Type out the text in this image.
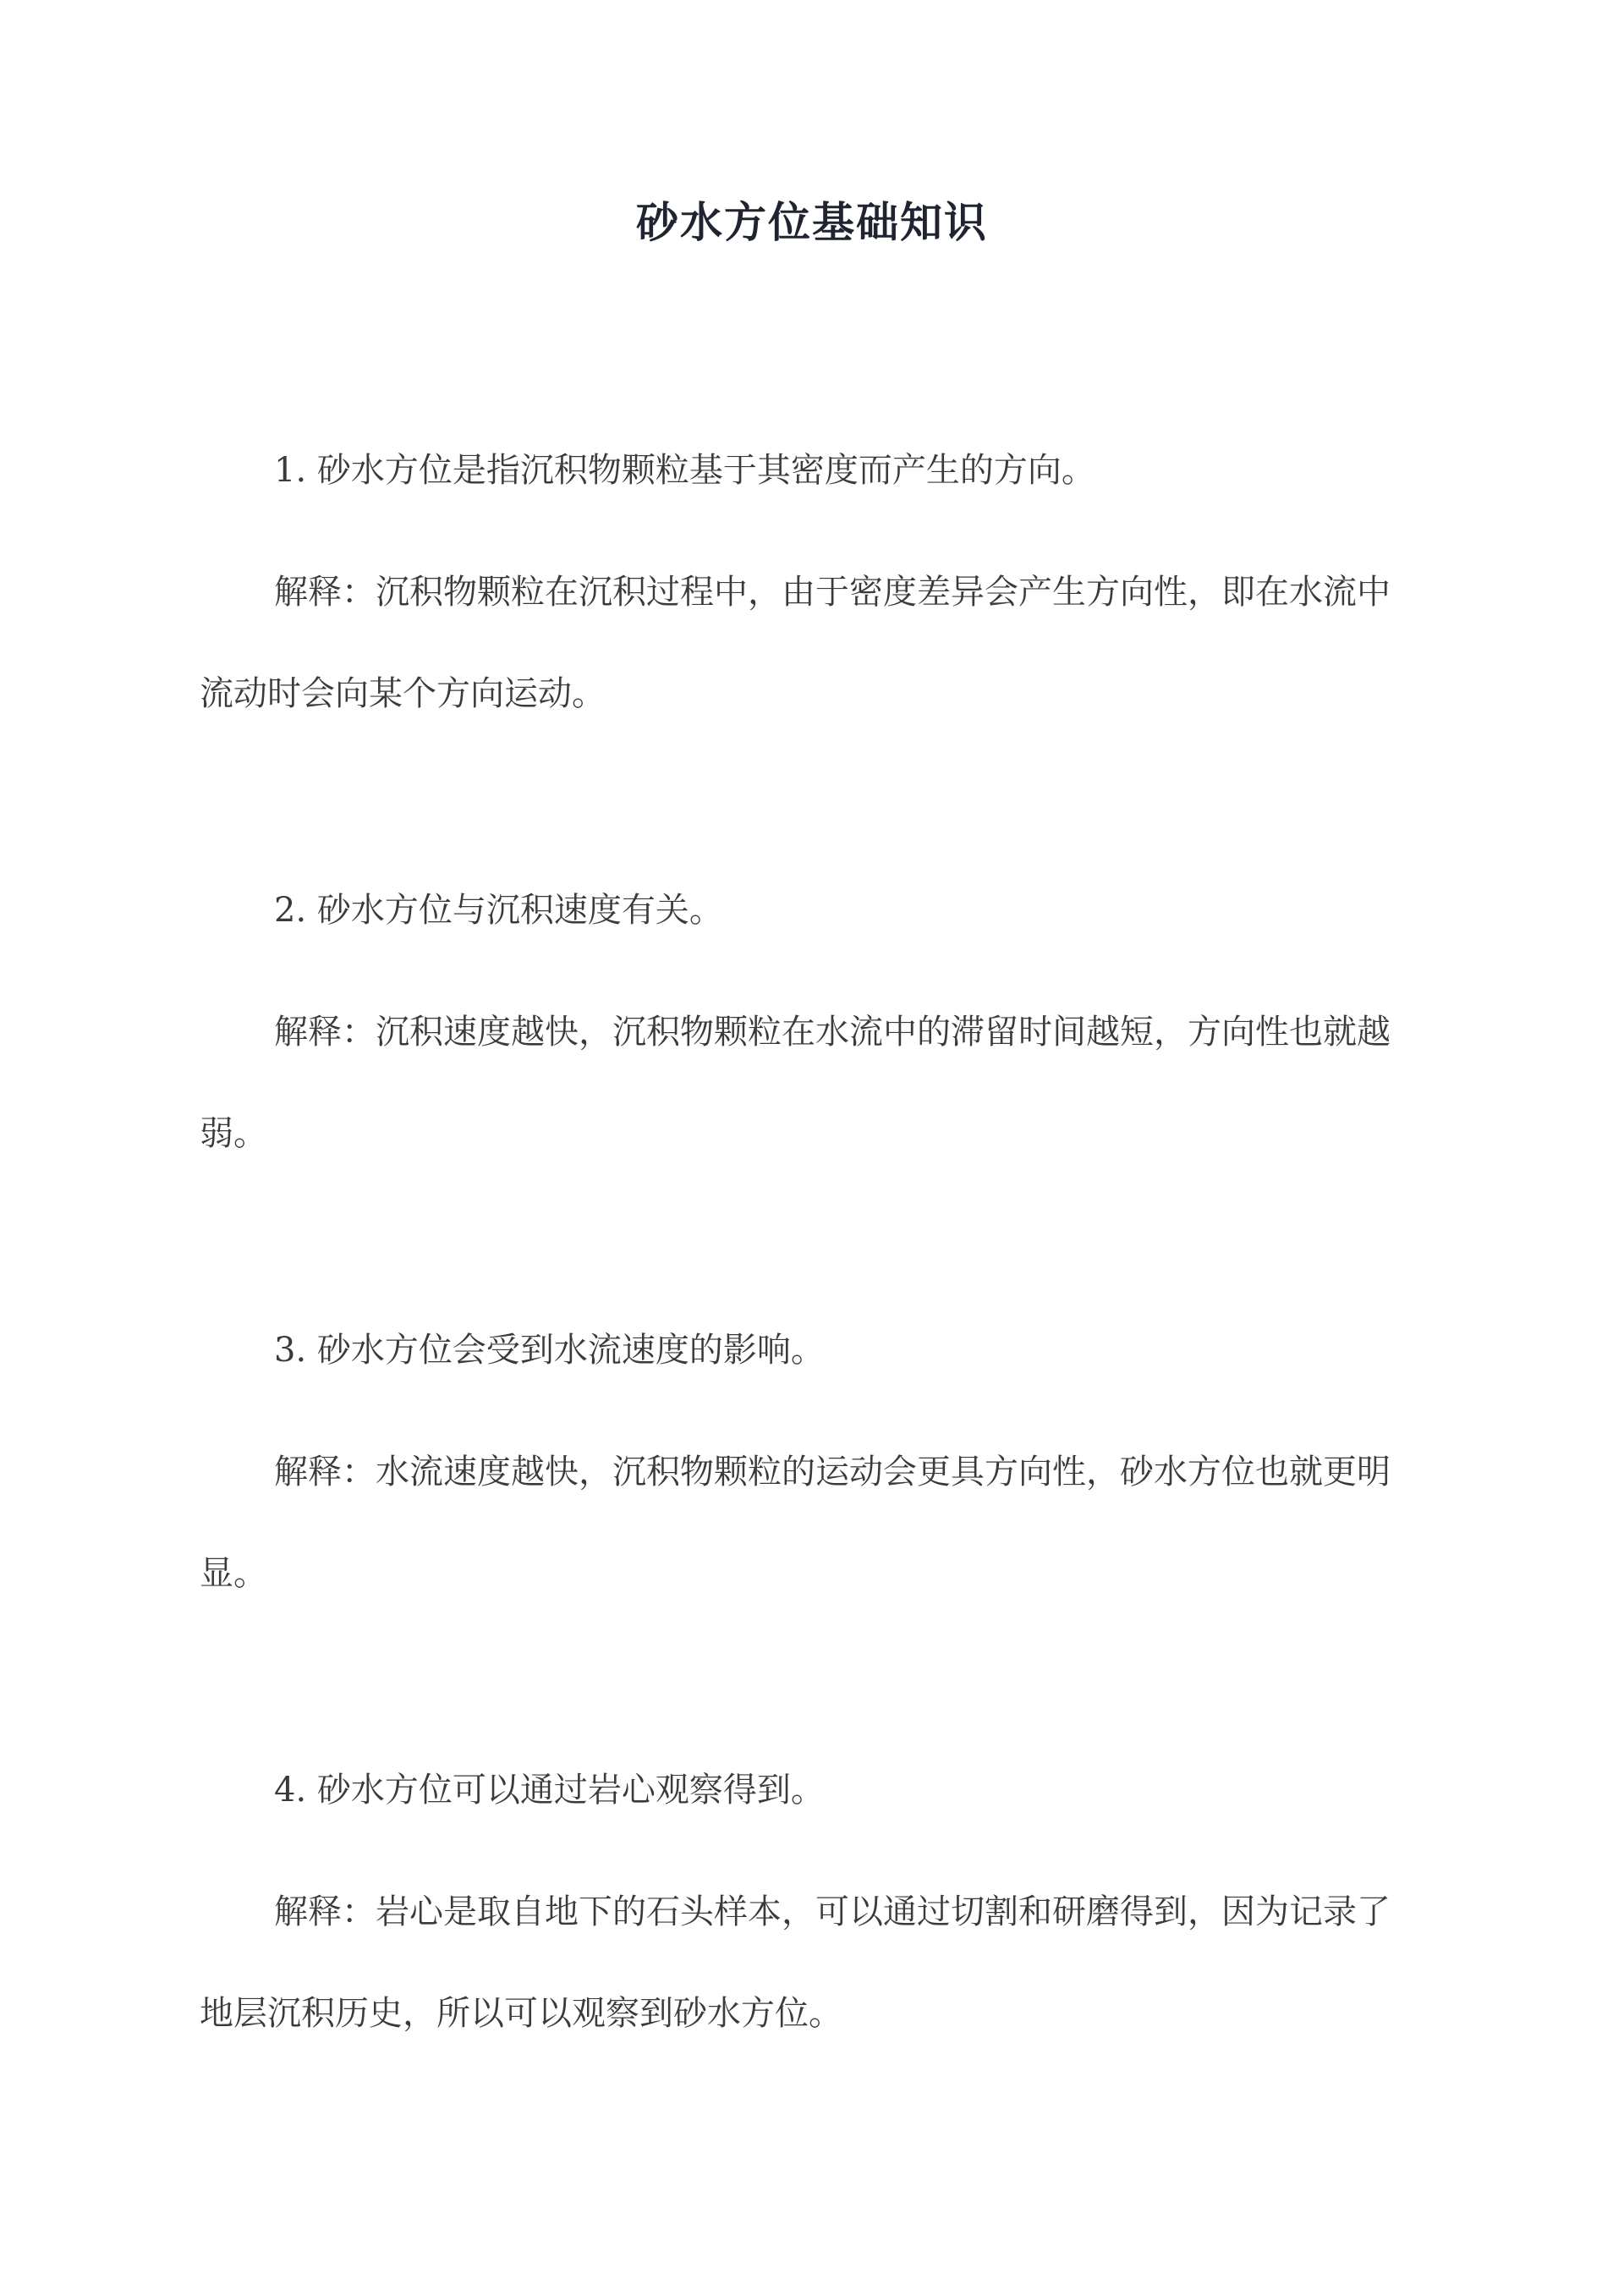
砂水方位基础知识

1. 砂水方位是指沉积物颗粒基于其密度而产生的方向。

解释：沉积物颗粒在沉积过程中，由于密度差异会产生方向性，即在水流中流动时会向某个方向运动。

2. 砂水方位与沉积速度有关。

解释：沉积速度越快，沉积物颗粒在水流中的滞留时间越短，方向性也就越弱。

3. 砂水方位会受到水流速度的影响。

解释：水流速度越快，沉积物颗粒的运动会更具方向性，砂水方位也就更明显。

4. 砂水方位可以通过岩心观察得到。

解释：岩心是取自地下的石头样本，可以通过切割和研磨得到，因为记录了地层沉积历史，所以可以观察到砂水方位。
